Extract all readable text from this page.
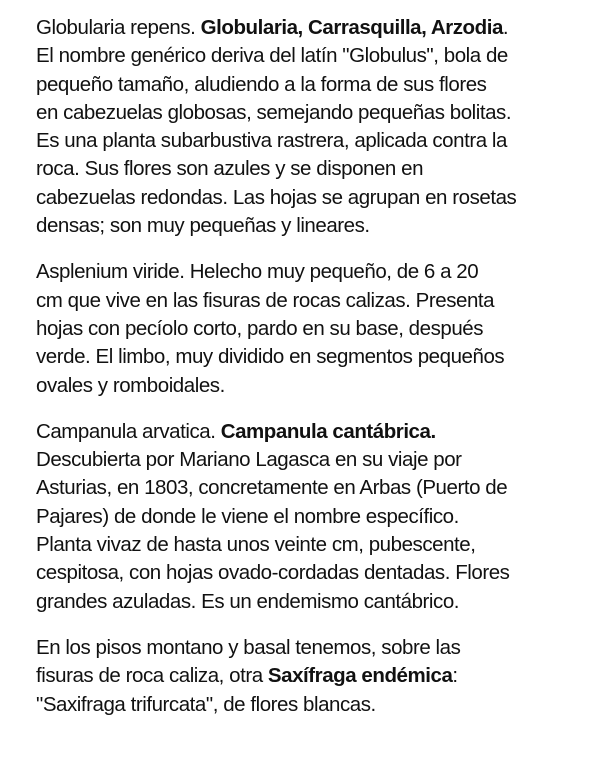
Globularia repens. Globularia, Carrasquilla, Arzodia.
El nombre genérico deriva del latín "Globulus", bola de
pequeño tamaño, aludiendo a la forma de sus flores
en cabezuelas globosas, semejando pequeñas bolitas.
Es una planta subarbustiva rastrera, aplicada contra la
roca. Sus flores son azules y se disponen en
cabezuelas redondas. Las hojas se agrupan en rosetas
densas; son muy pequeñas y lineares.
Asplenium viride. Helecho muy pequeño, de 6 a 20
cm que vive en las fisuras de rocas calizas. Presenta
hojas con pecíolo corto, pardo en su base, después
verde. El limbo, muy dividido en segmentos pequeños
ovales y romboidales.
Campanula arvatica. Campanula cantábrica.
Descubierta por Mariano Lagasca en su viaje por
Asturias, en 1803, concretamente en Arbas (Puerto de
Pajares) de donde le viene el nombre específico.
Planta vivaz de hasta unos veinte cm, pubescente,
cespitosa, con hojas ovado-cordadas dentadas. Flores
grandes azuladas. Es un endemismo cantábrico.
En los pisos montano y basal tenemos, sobre las
fisuras de roca caliza, otra Saxífraga endémica:
"Saxifraga trifurcata", de flores blancas.
